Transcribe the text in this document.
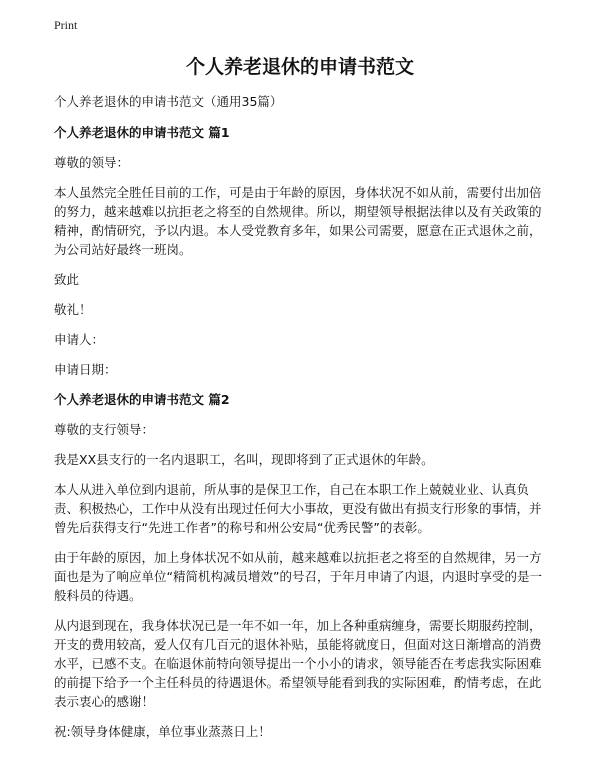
Print
个人养老退休的申请书范文

个人养老退休的申请书范文（通用35篇）

个人养老退休的申请书范文 篇1

尊敬的领导：

本人虽然完全胜任目前的工作，可是由于年龄的原因，身体状况不如从前，需要付出加倍的努力，越来越难以抗拒老之将至的自然规律。所以，期望领导根据法律以及有关政策的精神，酌情研究，予以内退。本人受党教育多年，如果公司需要，愿意在正式退休之前，为公司站好最终一班岗。

致此

敬礼！

申请人：

申请日期：

个人养老退休的申请书范文 篇2

尊敬的支行领导：

我是XX县支行的一名内退职工，名叫，现即将到了正式退休的年龄。

本人从进入单位到内退前，所从事的是保卫工作，自己在本职工作上兢兢业业、认真负责、积极热心，工作中从没有出现过任何大小事故，更没有做出有损支行形象的事情，并曾先后获得支行“先进工作者”的称号和州公安局“优秀民警”的表彰。

由于年龄的原因，加上身体状况不如从前，越来越难以抗拒老之将至的自然规律，另一方面也是为了响应单位“精简机构减员增效”的号召，于年月申请了内退，内退时享受的是一般科员的待遇。

从内退到现在，我身体状况已是一年不如一年，加上各种重病缠身，需要长期服药控制，开支的费用较高，爱人仅有几百元的退休补贴，虽能将就度日，但面对这日渐增高的消费水平，已感不支。在临退休前特向领导提出一个小小的请求，领导能否在考虑我实际困难的前提下给予一个主任科员的待遇退休。希望领导能看到我的实际困难，酌情考虑，在此表示衷心的感谢！

祝:领导身体健康，单位事业蒸蒸日上！
